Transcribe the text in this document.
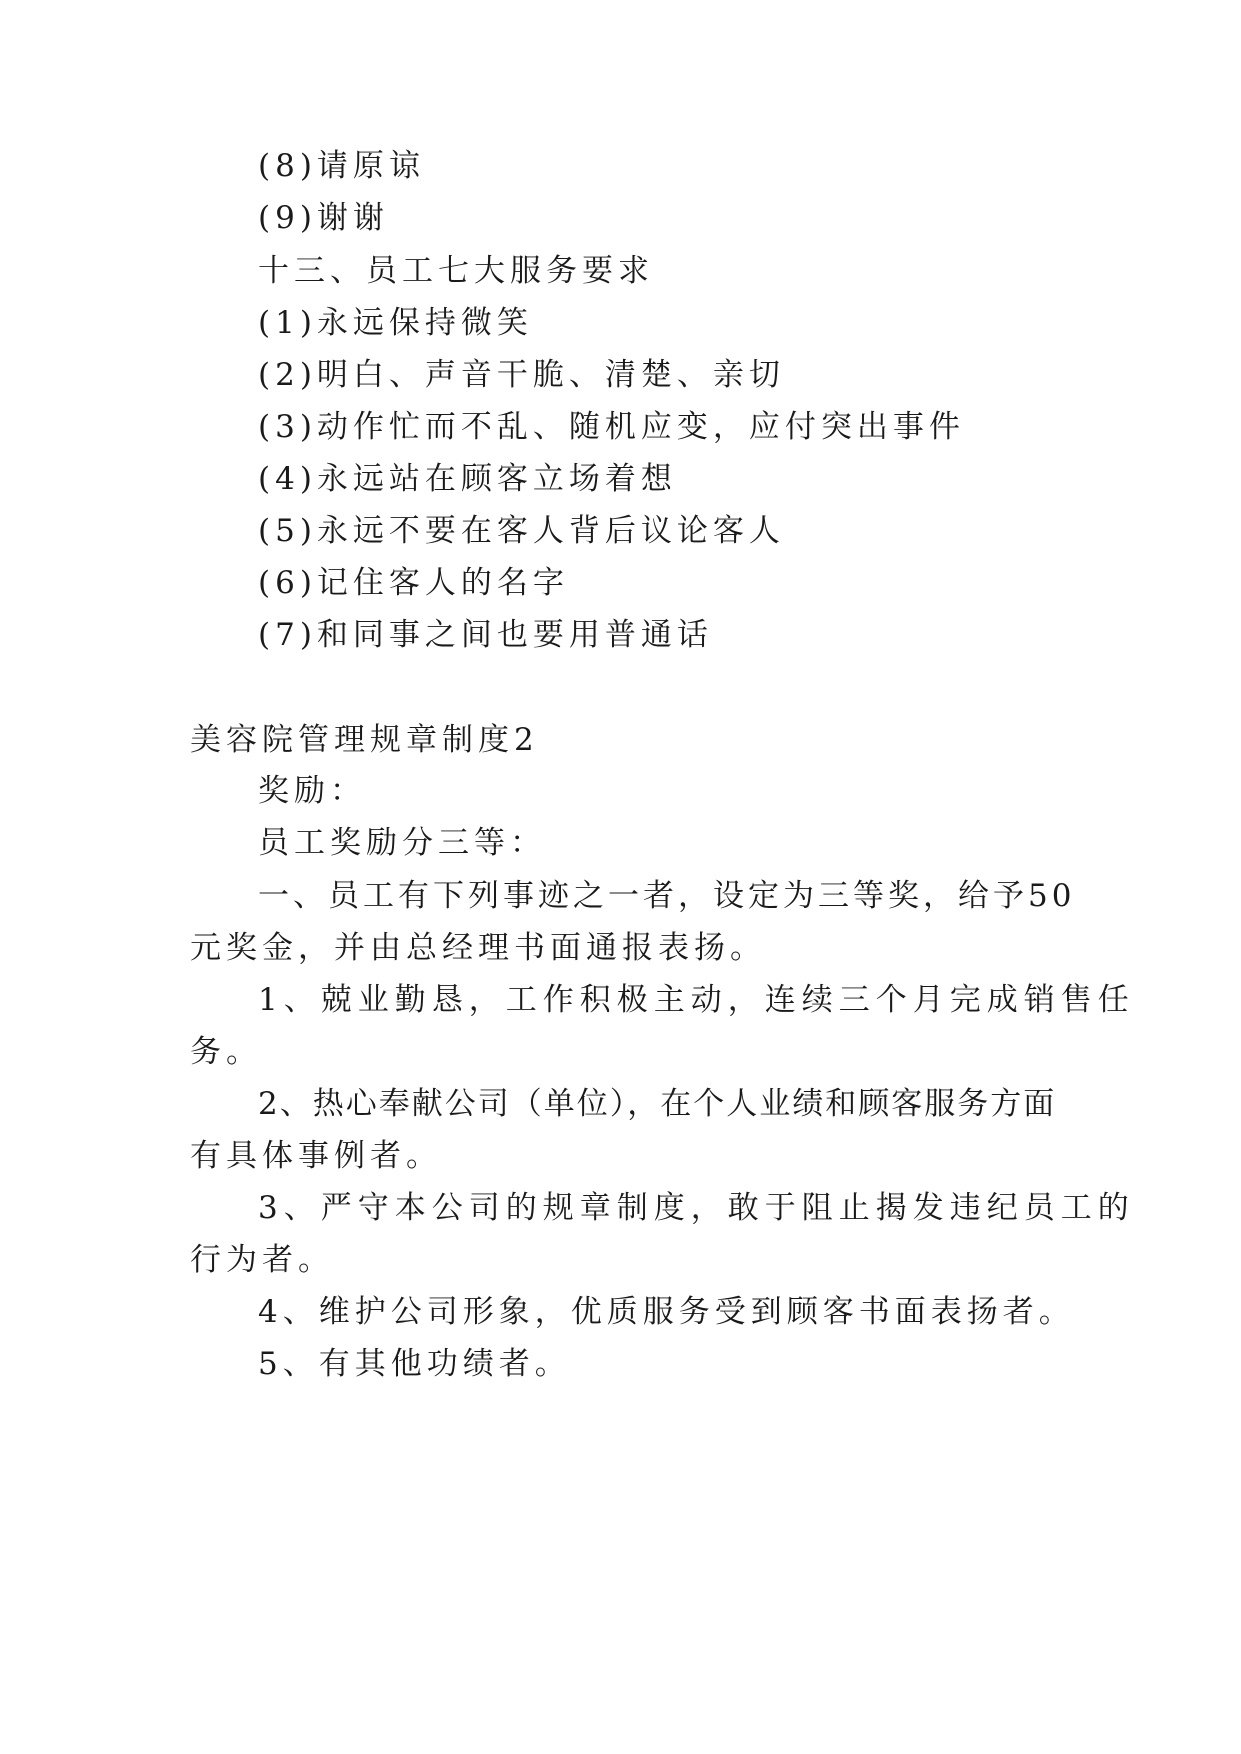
(8)请原谅
(9)谢谢
十三、员工七大服务要求
(1)永远保持微笑
(2)明白、声音干脆、清楚、亲切
(3)动作忙而不乱、随机应变，应付突出事件
(4)永远站在顾客立场着想
(5)永远不要在客人背后议论客人
(6)记住客人的名字
(7)和同事之间也要用普通话
美容院管理规章制度2
奖励：
员工奖励分三等：
一、员工有下列事迹之一者，设定为三等奖，给予50
元奖金，并由总经理书面通报表扬。
1、兢业勤恳，工作积极主动，连续三个月完成销售任
务。
2、热心奉献公司（单位），在个人业绩和顾客服务方面
有具体事例者。
3、严守本公司的规章制度，敢于阻止揭发违纪员工的
行为者。
4、维护公司形象，优质服务受到顾客书面表扬者。
5、有其他功绩者。
